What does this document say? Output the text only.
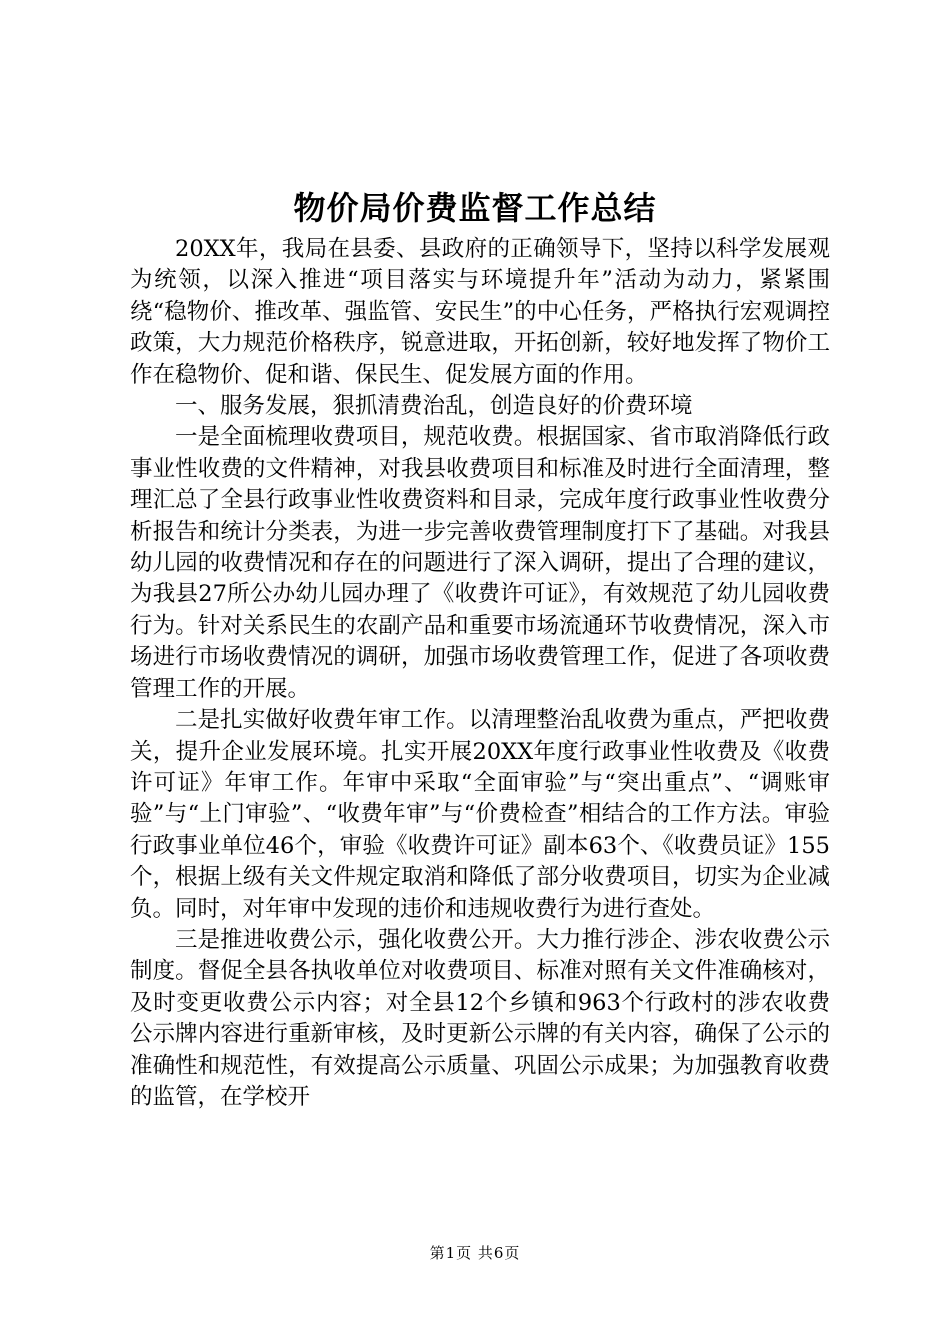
物价局价费监督工作总结

20XX年，我局在县委、县政府的正确领导下，坚持以科学发展观为统领，以深入推进“项目落实与环境提升年”活动为动力，紧紧围绕“稳物价、推改革、强监管、安民生”的中心任务，严格执行宏观调控政策，大力规范价格秩序，锐意进取，开拓创新，较好地发挥了物价工作在稳物价、促和谐、保民生、促发展方面的作用。

一、服务发展，狠抓清费治乱，创造良好的价费环境

一是全面梳理收费项目，规范收费。根据国家、省市取消降低行政事业性收费的文件精神，对我县收费项目和标准及时进行全面清理，整理汇总了全县行政事业性收费资料和目录，完成年度行政事业性收费分析报告和统计分类表，为进一步完善收费管理制度打下了基础。对我县幼儿园的收费情况和存在的问题进行了深入调研，提出了合理的建议，为我县27所公办幼儿园办理了《收费许可证》，有效规范了幼儿园收费行为。针对关系民生的农副产品和重要市场流通环节收费情况，深入市场进行市场收费情况的调研，加强市场收费管理工作，促进了各项收费管理工作的开展。

二是扎实做好收费年审工作。以清理整治乱收费为重点，严把收费关，提升企业发展环境。扎实开展20XX年度行政事业性收费及《收费许可证》年审工作。年审中采取“全面审验”与“突出重点”、“调账审验”与“上门审验”、“收费年审”与“价费检查”相结合的工作方法。审验行政事业单位46个，审验《收费许可证》副本63个、《收费员证》155个，根据上级有关文件规定取消和降低了部分收费项目，切实为企业减负。同时，对年审中发现的违价和违规收费行为进行查处。

三是推进收费公示，强化收费公开。大力推行涉企、涉农收费公示制度。督促全县各执收单位对收费项目、标准对照有关文件准确核对，及时变更收费公示内容；对全县12个乡镇和963个行政村的涉农收费公示牌内容进行重新审核，及时更新公示牌的有关内容，确保了公示的准确性和规范性，有效提高公示质量、巩固公示成果；为加强教育收费的监管，在学校开

第1页 共6页
